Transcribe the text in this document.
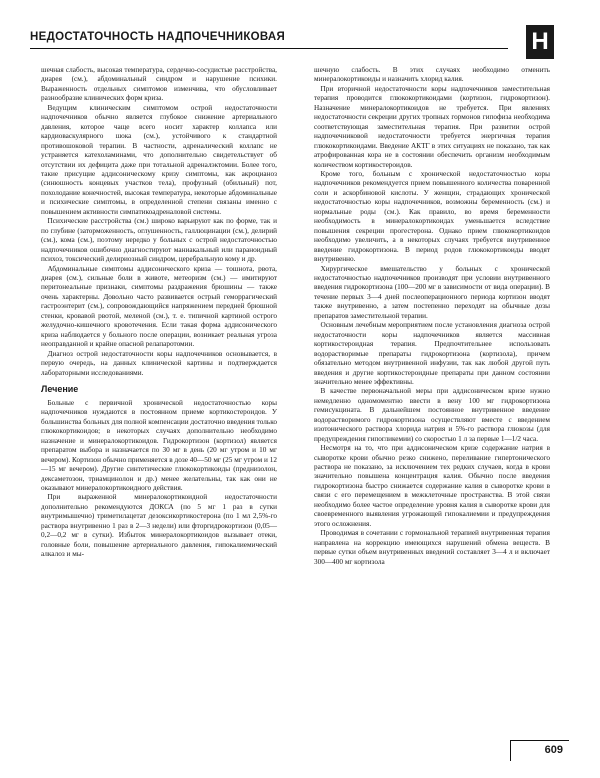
НЕДОСТАТОЧНОСТЬ НАДПОЧЕЧНИКОВАЯ	Н

шечная слабость, высокая температура, сердечно-сосудистые расстройства, диарея (см.), абдоминальный синдром и нарушение психики. Выраженность отдельных симптомов изменчива, что обусловливает разнообразие клинических форм криза.

Ведущим клиническим симптомом острой недостаточности надпочечников обычно является глубокое снижение артериального давления, которое чаще всего носит характер коллапса или кардиоваскулярного шока (см.), устойчивого к стандартной противошоковой терапии. В частности, адреналический коллапс не устраняется катехоламинами, что дополнительно свидетельствует об отсутствии их дефицита даже при тотальной адреналэктомии. Более того, такие присущие аддисоническому кризу симптомы, как акроцианоз (синюшность концевых участков тела), профузный (обильный) пот, похолодание конечностей, высокая температура, некоторые абдоминальные и психические симптомы, в определенной степени связаны именно с повышением активности симпатикоадреналовой системы.

Психические расстройства (см.) широко варьируют как по форме, так и по глубине (заторможенность, оглушенность, галлюцинации (см.), делирий (см.), кома (см.), поэтому нередко у больных с острой недостаточностью надпочечников ошибочно диагностируют маниакальный или параноидный психоз, токсический делириозный синдром, церебральную кому и др.

Абдоминальные симптомы аддисонического криза — тошнота, рвота, диарея (см.), сильные боли в животе, метеоризм (см.) — имитируют перитонеальные признаки, симптомы раздражения брюшины — также очень характерны. Довольно часто развивается острый геморрагический гастроэнтерит (см.), сопровождающийся напряжением передней брюшной стенки, кровавой рвотой, меленой (см.), т. е. типичной картиной острого желудочно-кишечного кровотечения. Если такая форма аддисонического криза наблюдается у больного после операции, возникает реальная угроза неоправданной и крайне опасной релапаротомии.

Диагноз острой недостаточности коры надпочечников основывается, в первую очередь, на данных клинической картины и подтверждается лабораторными исследованиями.

Лечение

Больные с первичной хронической недостаточностью коры надпочечников нуждаются в постоянном приеме кортикостероидов. У большинства больных для полной компенсации достаточно введения только глюкокортикоидов; в некоторых случаях дополнительно необходимо назначение и минералокортикоидов. Гидрокортизон (кортизол) является препаратом выбора и назначается по 30 мг в день (20 мг утром и 10 мг вечером). Кортизон обычно применяется в дозе 40—50 мг (25 мг утром и 12—15 мг вечером). Другие синтетические глюкокортикоиды (преднизолон, дексаметозон, триамцинолон и др.) менее желательны, так как они не оказывают минералокортикоидного действия.

При выраженной минералокортикоидной недостаточности дополнительно рекомендуются ДОКСА (по 5 мг 1 раз в сутки внутримышечно) триметилацетат дезоксикортикостерона (по 1 мл 2,5%-го раствора внутривенно 1 раз в 2—3 недели) или фторгидрокортизон (0,05—0,2—0,2 мг в сутки). Избыток минералокортикоидов вызывает отеки, головные боли, повышение артериального давления, гипокалиемический алкалоз и мы-

шечную слабость. В этих случаях необходимо отменить минералокортикоиды и назначить хлорид калия.

При вторичной недостаточности коры надпочечников заместительная терапия проводится глюкокортикоидами (кортизон, гидрокортизон). Назначение минералокортикоидов не требуется. При явлениях недостаточности секреции других тропных гормонов гипофиза необходима соответствующая заместительная терапия. При развитии острой надпочечниковой недостаточности требуется энергичная терапия глюкокортикоидами. Введение АКТГ в этих ситуациях не показано, так как атрофированная кора не в состоянии обеспечить организм необходимым количеством кортикостероидов.

Кроме того, больным с хронической недостаточностью коры надпочечников рекомендуется прием повышенного количества поваренной соли и аскорбиновой кислоты. У женщин, страдающих хронической недостаточностью коры надпочечников, возможны беременность (см.) и нормальные роды (см.). Как правило, во время беременности необходимость в минералокортикоидах уменьшается вследствие повышения секреции прогестерона. Однако прием глюкокортикоидов необходимо увеличить, а в некоторых случаях требуется внутривенное введение гидрокортизона. В период родов глюкокортикоиды вводят внутривенно.

Хирургическое вмешательство у больных с хронической недостаточностью надпочечников производят при условии внутривенного введения гидрокортизона (100—200 мг в зависимости от вида операции). В течение первых 3—4 дней послеоперационного периода кортизон вводят также внутривенно, а затем постепенно переходят на обычные дозы препаратов заместительной терапии.

Основным лечебным мероприятием после установления диагноза острой недостаточности коры надпочечников является массивная кортикостероидная терапия. Предпочтительнее использовать водорастворимые препараты гидрокортизона (кортизола), причем обязательно методом внутривенной инфузии, так как любой другой путь введения и другие кортикостероидные препараты при данном состоянии значительно менее эффективны.

В качестве первоначальной меры при аддисоническом кризе нужно немедленно одномоментно ввести в вену 100 мг гидрокортизона гемисукцината. В дальнейшем постоянное внутривенное введение водорастворимого гидрокортизона осуществляют вместе с введением изотонического раствора хлорида натрия и 5%-го раствора глюкозы (для предупреждения гипогликемии) со скоростью 1 л за первые 1—1/2 часа.

Несмотря на то, что при аддисоническом кризе содержание натрия в сыворотке крови обычно резко снижено, переливание гипертонического раствора не показано, за исключением тех редких случаев, когда в крови значительно повышена концентрация калия. Обычно после введения гидрокортизона быстро снижается содержание калия в сыворотке крови в связи с его перемещением в межклеточные пространства. В этой связи необходимо более частое определение уровня калия в сыворотке крови для своевременного выявления угрожающей гипокалиемии и предупреждения этого осложнения.

Проводимая в сочетании с гормональной терапией внутривенная терапия направлена на коррекцию имеющихся нарушений обмена веществ. В первые сутки объем внутривенных введений составляет 3—4 л и включает 300—400 мг кортизола

609
